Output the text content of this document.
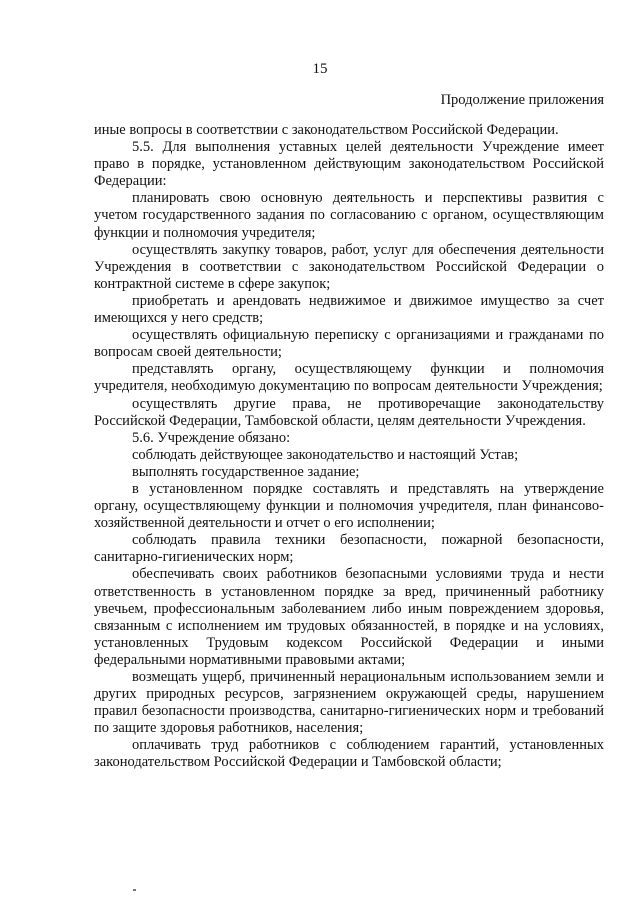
15
Продолжение приложения

иные вопросы в соответствии с законодательством Российской Федерации.

5.5. Для выполнения уставных целей деятельности Учреждение имеет право в порядке, установленном действующим законодательством Российской Федерации:

планировать свою основную деятельность и перспективы развития с учетом государственного задания по согласованию с органом, осуществляющим функции и полномочия учредителя;

осуществлять закупку товаров, работ, услуг для обеспечения деятельности Учреждения в соответствии с законодательством Российской Федерации о контрактной системе в сфере закупок;

приобретать и арендовать недвижимое и движимое имущество за счет имеющихся у него средств;

осуществлять официальную переписку с организациями и гражданами по вопросам своей деятельности;

представлять органу, осуществляющему функции и полномочия учредителя, необходимую документацию по вопросам деятельности Учреждения;

осуществлять другие права, не противоречащие законодательству Российской Федерации, Тамбовской области, целям деятельности Учреждения.

5.6. Учреждение обязано:

соблюдать действующее законодательство и настоящий Устав;

выполнять государственное задание;

в установленном порядке составлять и представлять на утверждение органу, осуществляющему функции и полномочия учредителя, план финансово-хозяйственной деятельности и отчет о его исполнении;

соблюдать правила техники безопасности, пожарной безопасности, санитарно-гигиенических норм;

обеспечивать своих работников безопасными условиями труда и нести ответственность в установленном порядке за вред, причиненный работнику увечьем, профессиональным заболеванием либо иным повреждением здоровья, связанным с исполнением им трудовых обязанностей, в порядке и на условиях, установленных Трудовым кодексом Российской Федерации и иными федеральными нормативными правовыми актами;

возмещать ущерб, причиненный нерациональным использованием земли и других природных ресурсов, загрязнением окружающей среды, нарушением правил безопасности производства, санитарно-гигиенических норм и требований по защите здоровья работников, населения;

оплачивать труд работников с соблюдением гарантий, установленных законодательством Российской Федерации и Тамбовской области;
